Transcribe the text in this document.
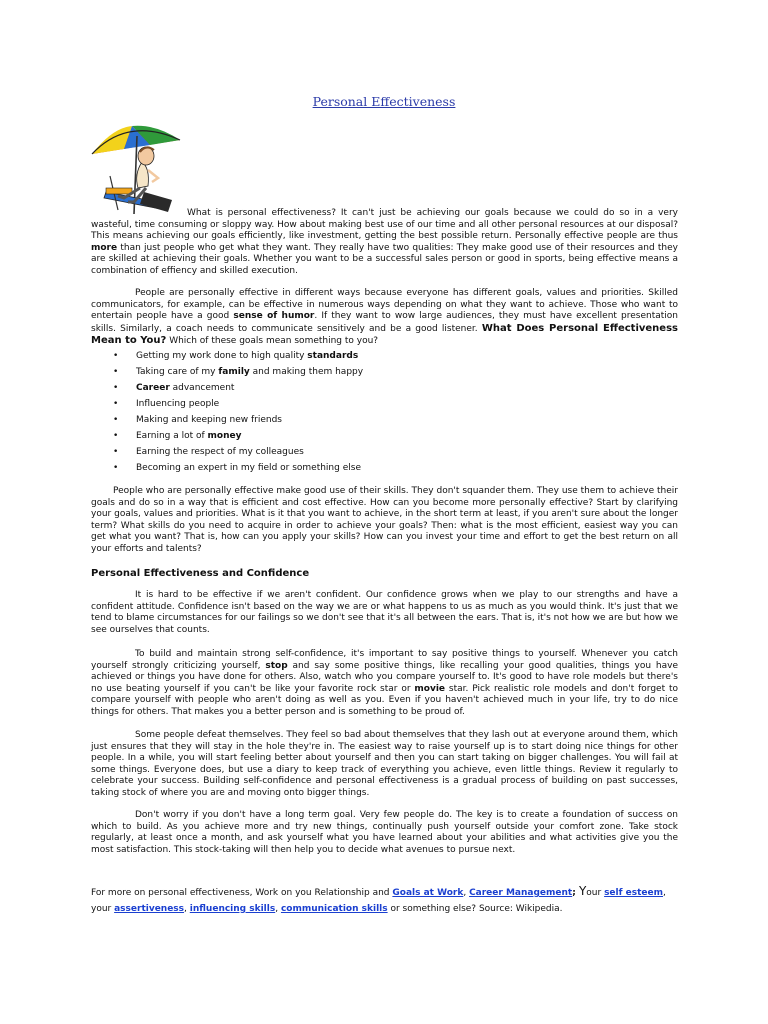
Personal Effectiveness

What is personal effectiveness? It can't just be achieving our goals because we could do so in a very wasteful, time consuming or sloppy way. How about making best use of our time and all other personal resources at our disposal? This means achieving our goals efficiently, like investment, getting the best possible return. Personally effective people are thus more than just people who get what they want. They really have two qualities: They make good use of their resources and they are skilled at achieving their goals. Whether you want to be a successful sales person or good in sports, being effective means a combination of effiency and skilled execution.

People are personally effective in different ways because everyone has different goals, values and priorities. Skilled communicators, for example, can be effective in numerous ways depending on what they want to achieve. Those who want to entertain people have a good sense of humor. If they want to wow large audiences, they must have excellent presentation skills. Similarly, a coach needs to communicate sensitively and be a good listener. What Does Personal Effectiveness Mean to You? Which of these goals mean something to you?

• Getting my work done to high quality standards
• Taking care of my family and making them happy
• Career advancement
• Influencing people
• Making and keeping new friends
• Earning a lot of money
• Earning the respect of my colleagues
• Becoming an expert in my field or something else

People who are personally effective make good use of their skills. They don't squander them. They use them to achieve their goals and do so in a way that is efficient and cost effective. How can you become more personally effective? Start by clarifying your goals, values and priorities. What is it that you want to achieve, in the short term at least, if you aren't sure about the longer term? What skills do you need to acquire in order to achieve your goals? Then: what is the most efficient, easiest way you can get what you want? That is, how can you apply your skills? How can you invest your time and effort to get the best return on all your efforts and talents?

Personal Effectiveness and Confidence

It is hard to be effective if we aren't confident. Our confidence grows when we play to our strengths and have a confident attitude. Confidence isn't based on the way we are or what happens to us as much as you would think. It's just that we tend to blame circumstances for our failings so we don't see that it's all between the ears. That is, it's not how we are but how we see ourselves that counts.

To build and maintain strong self-confidence, it's important to say positive things to yourself. Whenever you catch yourself strongly criticizing yourself, stop and say some positive things, like recalling your good qualities, things you have achieved or things you have done for others. Also, watch who you compare yourself to. It's good to have role models but there's no use beating yourself if you can't be like your favorite rock star or movie star. Pick realistic role models and don't forget to compare yourself with people who aren't doing as well as you. Even if you haven't achieved much in your life, try to do nice things for others. That makes you a better person and is something to be proud of.

Some people defeat themselves. They feel so bad about themselves that they lash out at everyone around them, which just ensures that they will stay in the hole they're in. The easiest way to raise yourself up is to start doing nice things for other people. In a while, you will start feeling better about yourself and then you can start taking on bigger challenges. You will fail at some things. Everyone does, but use a diary to keep track of everything you achieve, even little things. Review it regularly to celebrate your success. Building self-confidence and personal effectiveness is a gradual process of building on past successes, taking stock of where you are and moving onto bigger things.

Don't worry if you don't have a long term goal. Very few people do. The key is to create a foundation of success on which to build. As you achieve more and try new things, continually push yourself outside your comfort zone. Take stock regularly, at least once a month, and ask yourself what you have learned about your abilities and what activities give you the most satisfaction. This stock-taking will then help you to decide what avenues to pursue next.

For more on personal effectiveness, Work on you Relationship and Goals at Work, Career Management; Your self esteem,
your assertiveness, influencing skills, communication skills or something else? Source: Wikipedia.
